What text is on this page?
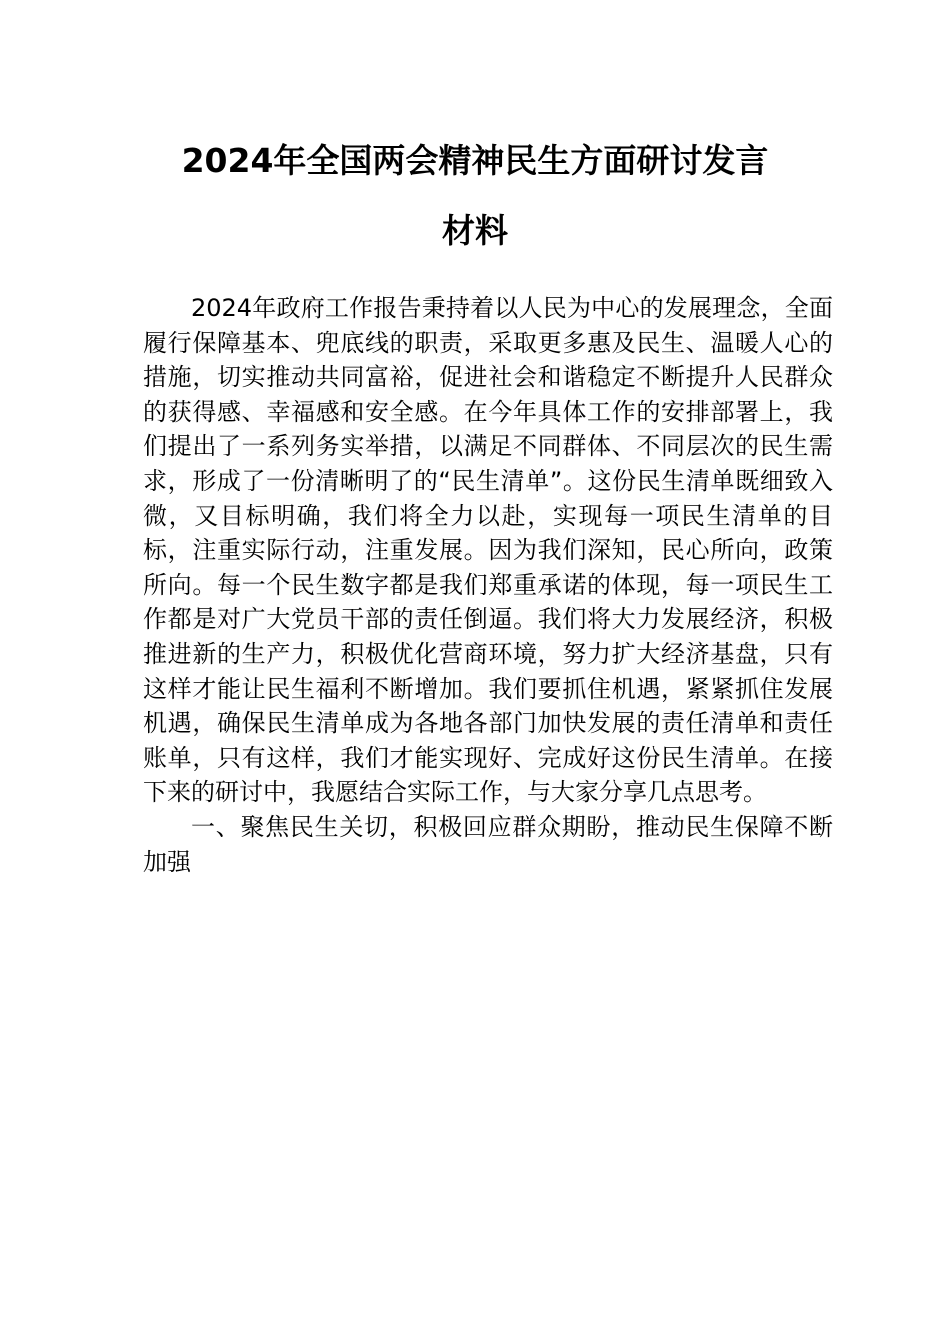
2024年全国两会精神民生方面研讨发言
材料

2024年政府工作报告秉持着以人民为中心的发展理念，全面履行保障基本、兜底线的职责，采取更多惠及民生、温暖人心的措施，切实推动共同富裕，促进社会和谐稳定不断提升人民群众的获得感、幸福感和安全感。在今年具体工作的安排部署上，我们提出了一系列务实举措，以满足不同群体、不同层次的民生需求，形成了一份清晰明了的“民生清单”。这份民生清单既细致入微，又目标明确，我们将全力以赴，实现每一项民生清单的目标，注重实际行动，注重发展。因为我们深知，民心所向，政策所向。每一个民生数字都是我们郑重承诺的体现，每一项民生工作都是对广大党员干部的责任倒逼。我们将大力发展经济，积极推进新的生产力，积极优化营商环境，努力扩大经济基盘，只有这样才能让民生福利不断增加。我们要抓住机遇，紧紧抓住发展机遇，确保民生清单成为各地各部门加快发展的责任清单和责任账单，只有这样，我们才能实现好、完成好这份民生清单。在接下来的研讨中，我愿结合实际工作，与大家分享几点思考。

一、聚焦民生关切，积极回应群众期盼，推动民生保障不断加强
